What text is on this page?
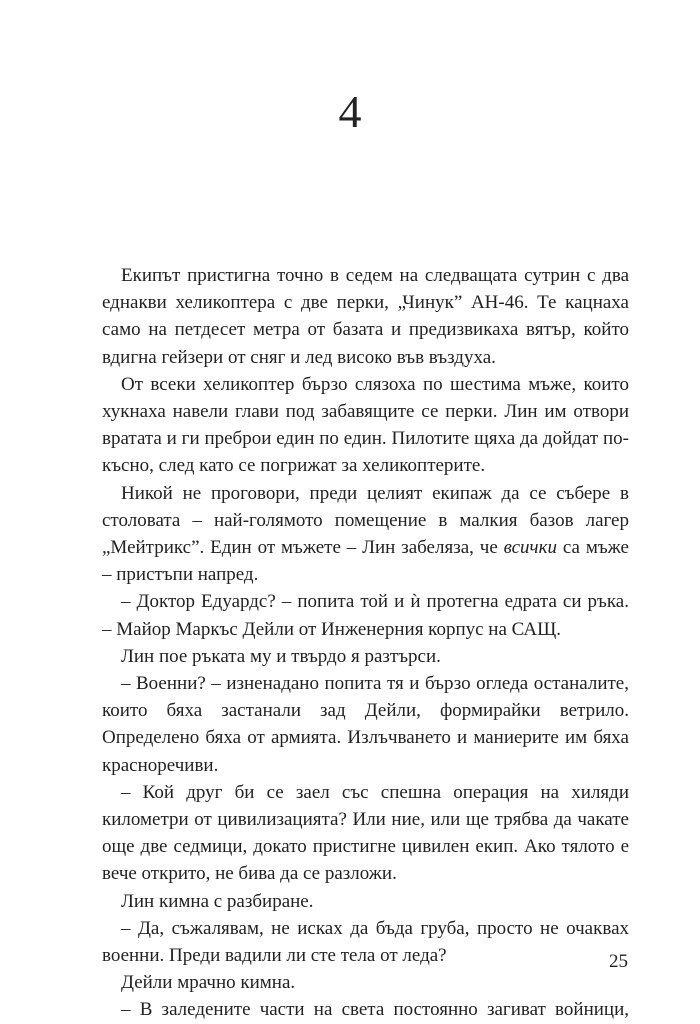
4

Екипът пристигна точно в седем на следващата сутрин с два еднакви хеликоптера с две перки, „Чинук” АН-46. Те кацнаха само на петдесет метра от базата и предизвикаха вятър, който вдигна гейзери от сняг и лед високо във въздуха.

От всеки хеликоптер бързо слязоха по шестима мъже, които хукнаха навели глави под забавящите се перки. Лин им отвори вратата и ги преброи един по един. Пилотите щяха да дойдат по-късно, след като се погрижат за хеликоптерите.

Никой не проговори, преди целият екипаж да се събере в столовата – най-голямото помещение в малкия базов лагер „Мейтрикс”. Един от мъжете – Лин забеляза, че всички са мъже – пристъпи напред.

– Доктор Едуардс? – попита той и ѝ протегна едрата си ръка. – Майор Маркъс Дейли от Инженерния корпус на САЩ.

Лин пое ръката му и твърдо я разтърси.

– Военни? – изненадано попита тя и бързо огледа останалите, които бяха застанали зад Дейли, формирайки ветрило. Определено бяха от армията. Излъчването и маниерите им бяха красноречиви.

– Кой друг би се заел със спешна операция на хиляди километри от цивилизацията? Или ние, или ще трябва да чакате още две седмици, докато пристигне цивилен екип. Ако тялото е вече открито, не бива да се разложи.

Лин кимна с разбиране.

– Да, съжалявам, не исках да бъда груба, просто не очаквах военни. Преди вадили ли сте тела от леда?

Дейли мрачно кимна.

– В заледените части на света постоянно загиват войници,

25
